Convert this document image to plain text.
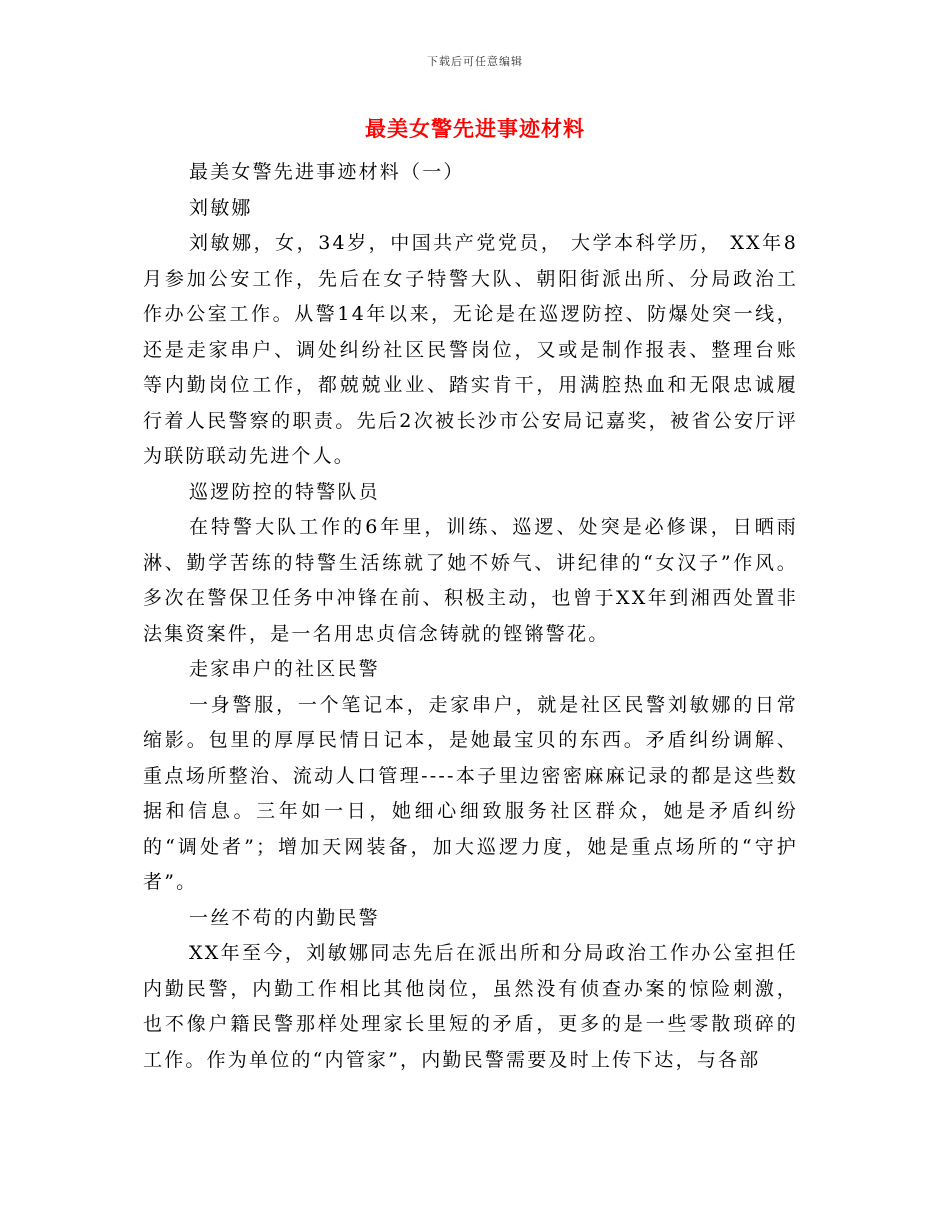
下载后可任意编辑
最美女警先进事迹材料

最美女警先进事迹材料（一）

刘敏娜

刘敏娜，女，34岁，中国共产党党员， 大学本科学历， XX年8月参加公安工作，先后在女子特警大队、朝阳街派出所、分局政治工作办公室工作。从警14年以来，无论是在巡逻防控、防爆处突一线，还是走家串户、调处纠纷社区民警岗位，又或是制作报表、整理台账等内勤岗位工作，都兢兢业业、踏实肯干，用满腔热血和无限忠诚履行着人民警察的职责。先后2次被长沙市公安局记嘉奖，被省公安厅评为联防联动先进个人。

巡逻防控的特警队员

在特警大队工作的6年里，训练、巡逻、处突是必修课，日晒雨淋、勤学苦练的特警生活练就了她不娇气、讲纪律的“女汉子”作风。多次在警保卫任务中冲锋在前、积极主动，也曾于XX年到湘西处置非法集资案件，是一名用忠贞信念铸就的铿锵警花。

走家串户的社区民警

一身警服，一个笔记本，走家串户，就是社区民警刘敏娜的日常缩影。包里的厚厚民情日记本，是她最宝贝的东西。矛盾纠纷调解、重点场所整治、流动人口管理----本子里边密密麻麻记录的都是这些数据和信息。三年如一日，她细心细致服务社区群众，她是矛盾纠纷的“调处者”；增加天网装备，加大巡逻力度，她是重点场所的“守护者”。

一丝不苟的内勤民警

XX年至今，刘敏娜同志先后在派出所和分局政治工作办公室担任内勤民警，内勤工作相比其他岗位，虽然没有侦查办案的惊险刺激，也不像户籍民警那样处理家长里短的矛盾，更多的是一些零散琐碎的工作。作为单位的“内管家”，内勤民警需要及时上传下达，与各部
